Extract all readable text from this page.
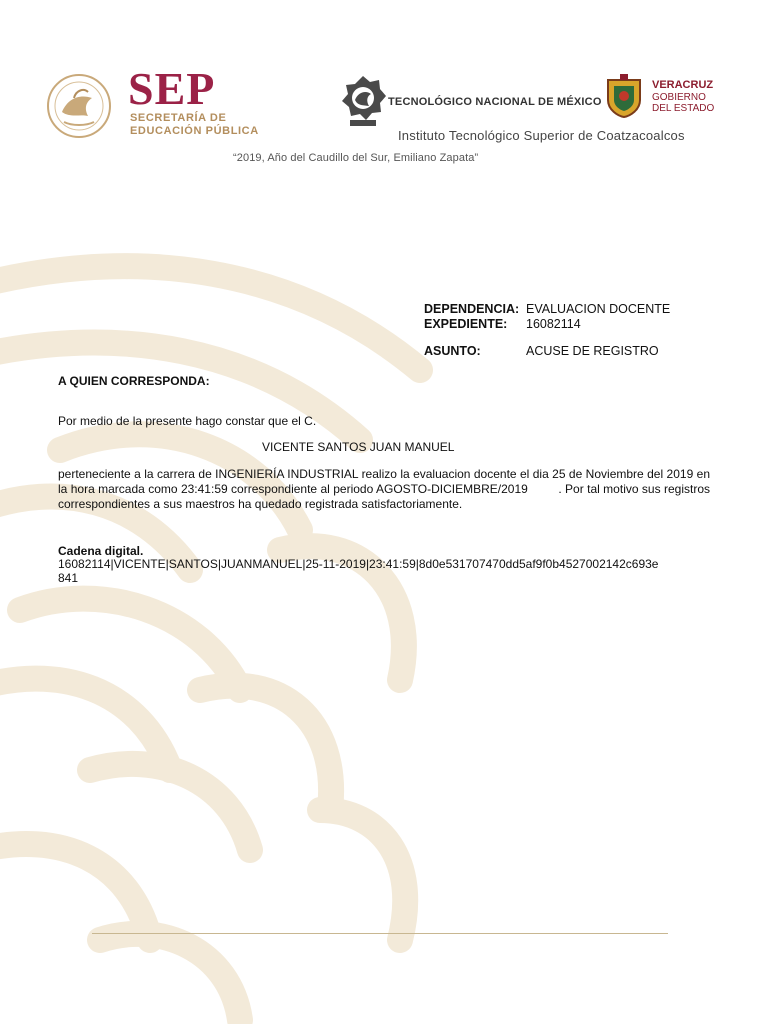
SEP
SECRETARÍA DE
EDUCACIÓN PÚBLICA
TECNOLÓGICO NACIONAL DE MÉXICO
VERACRUZ
GOBIERNO
DEL ESTADO
Instituto Tecnológico Superior de Coatzacoalcos
“2019, Año del Caudillo del Sur, Emiliano Zapata”
DEPENDENCIA: EVALUACION DOCENTE
EXPEDIENTE: 16082114
ASUNTO:	ACUSE DE REGISTRO
A QUIEN CORRESPONDA:
Por medio de la presente hago constar que el C.
VICENTE SANTOS JUAN MANUEL
perteneciente a la carrera de INGENIERÍA INDUSTRIAL realizo la evaluacion docente el dia 25 de Noviembre del 2019 en la hora marcada como 23:41:59 correspondiente al periodo AGOSTO-DICIEMBRE/2019         . Por tal motivo sus registros correspondientes a sus maestros ha quedado registrada satisfactoriamente.
Cadena digital.
16082114|VICENTE|SANTOS|JUANMANUEL|25-11-2019|23:41:59|8d0e531707470dd5af9f0b4527002142c693e
841
